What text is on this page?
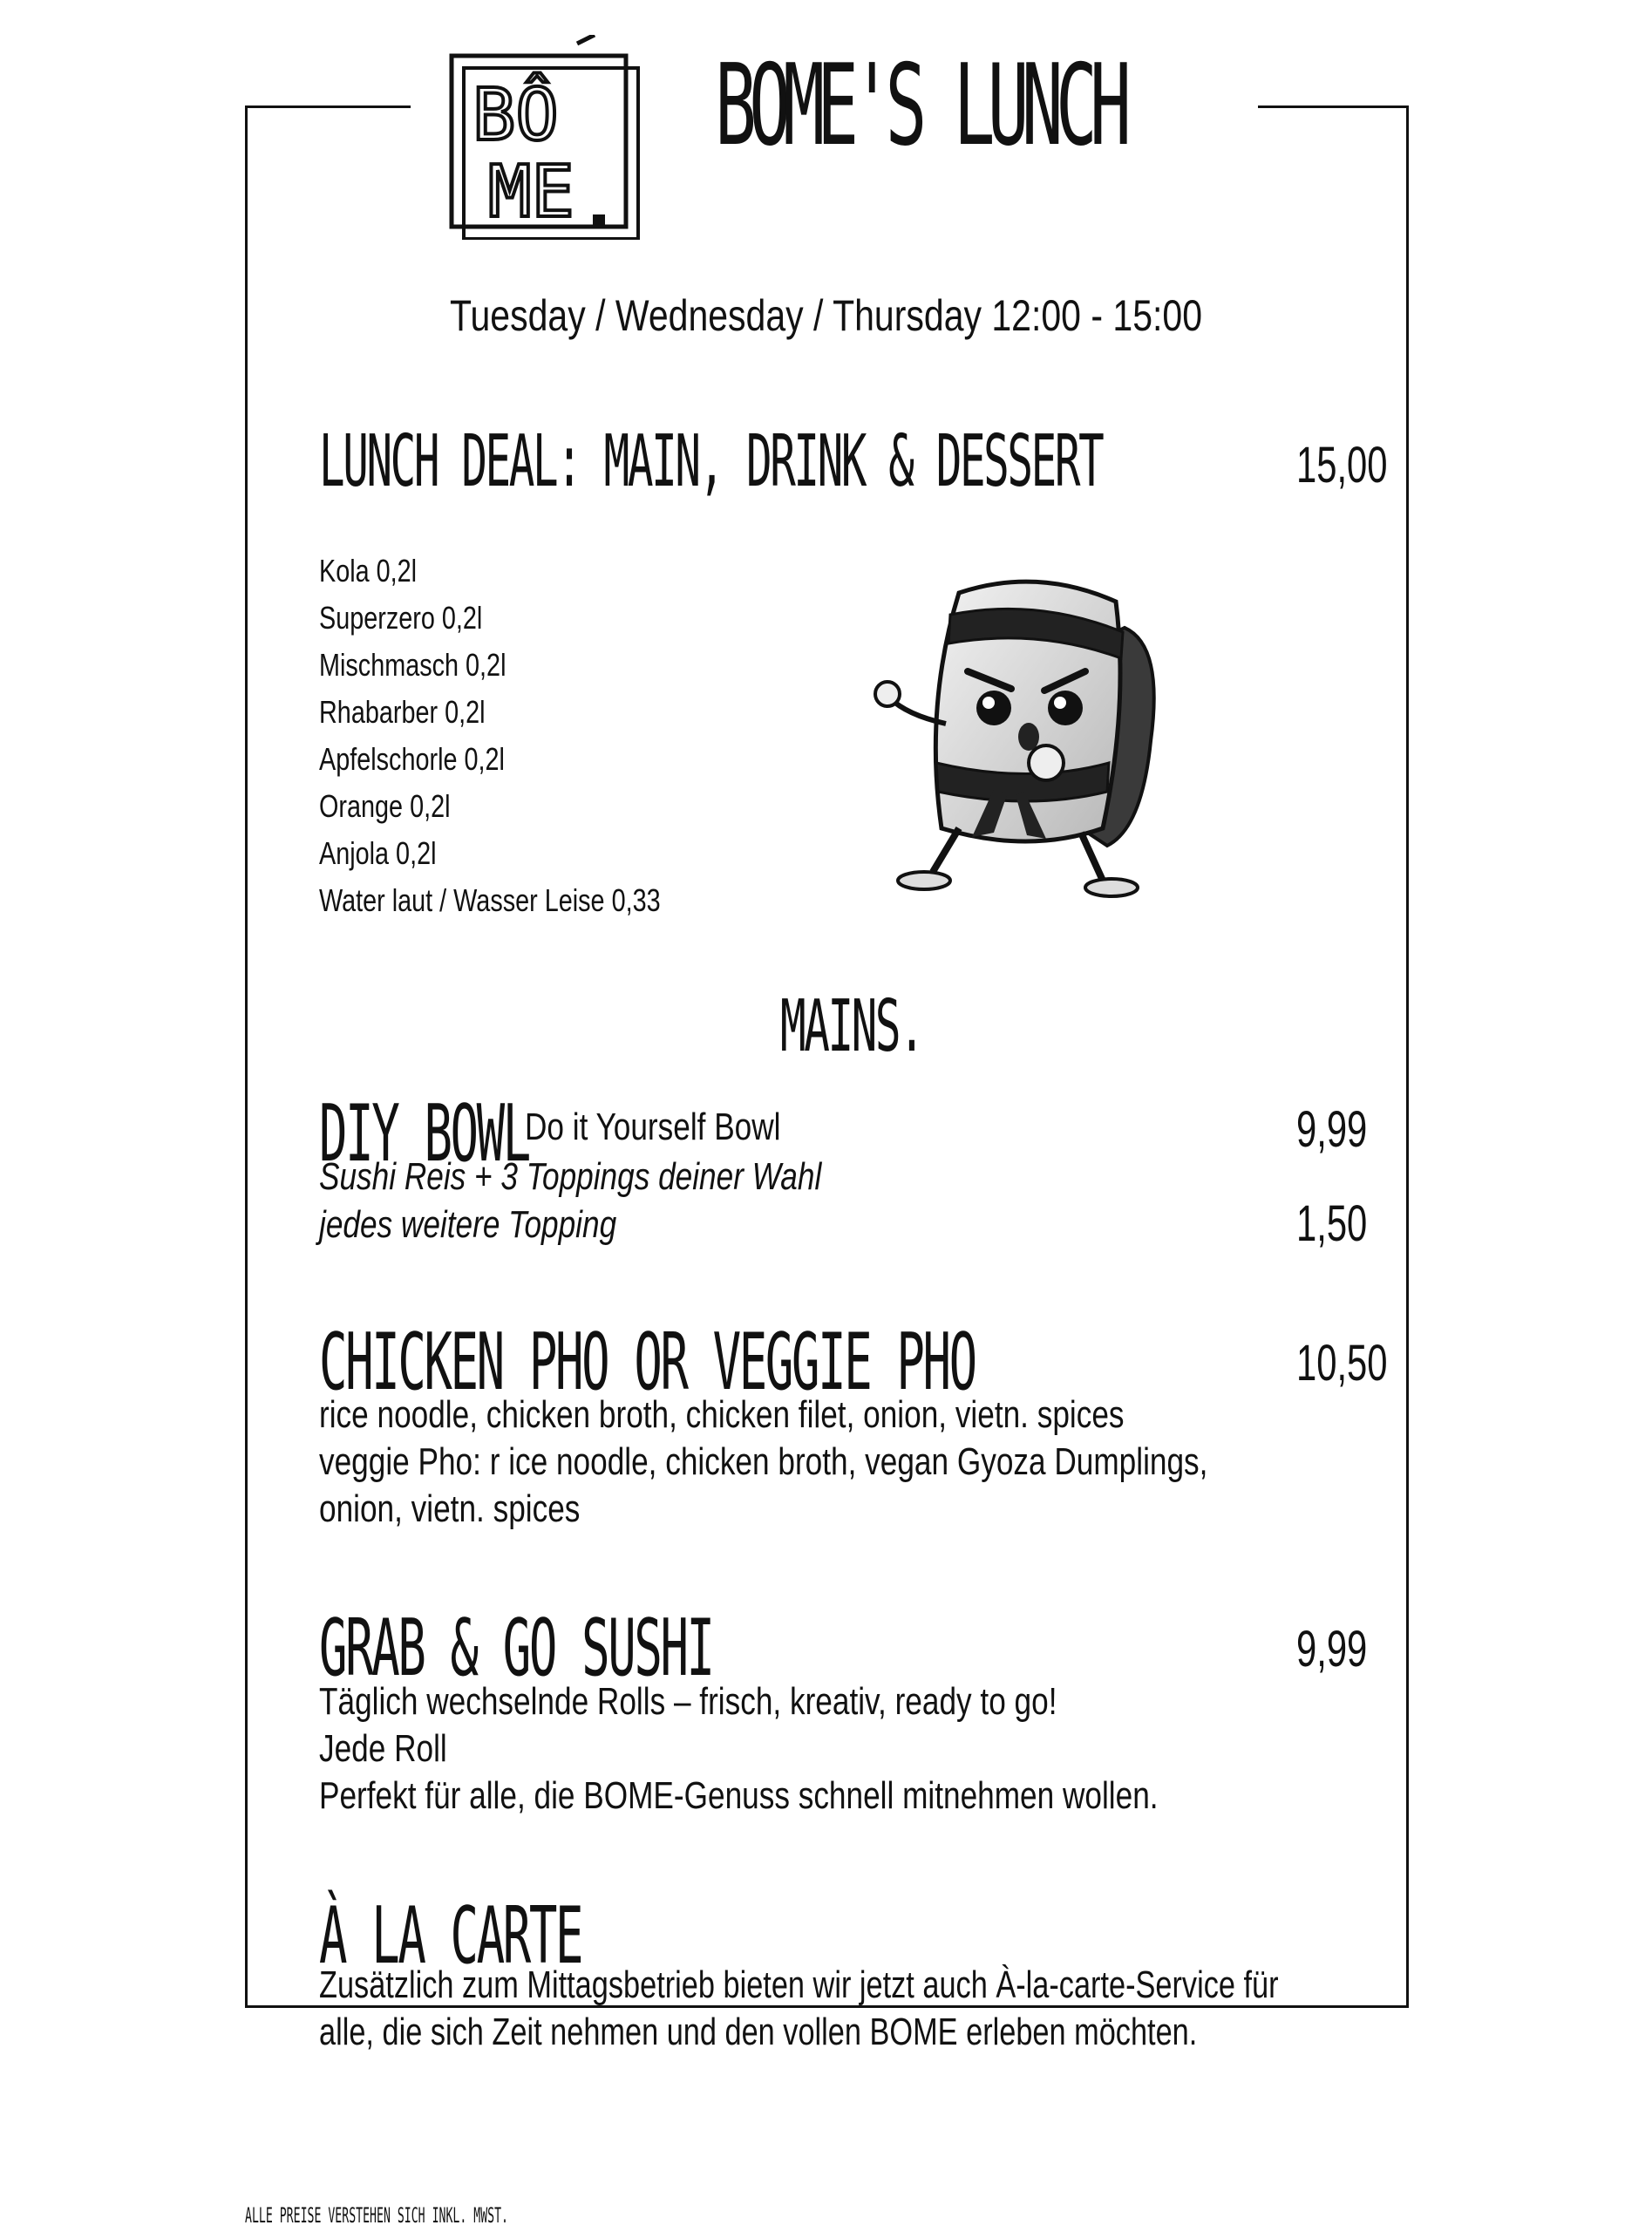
BÔ
ME
BOME'S LUNCH
Tuesday / Wednesday / Thursday 12:00 - 15:00
LUNCH DEAL: MAIN, DRINK & DESSERT	15,00
Kola 0,2l
Superzero 0,2l
Mischmasch 0,2l
Rhabarber 0,2l
Apfelschorle 0,2l
Orange 0,2l
Anjola 0,2l
Water laut / Wasser Leise 0,33
MAINS.
DIY BOWL
Do it Yourself Bowl	9,99
Sushi Reis + 3 Toppings deiner Wahl
jedes weitere Topping	1,50
CHICKEN PHO OR VEGGIE PHO	10,50
rice noodle, chicken broth, chicken filet, onion, vietn. spices
veggie Pho: r ice noodle, chicken broth, vegan Gyoza Dumplings,
onion, vietn. spices
GRAB & GO SUSHI	9,99
Täglich wechselnde Rolls – frisch, kreativ, ready to go!
Jede Roll
Perfekt für alle, die BOME-Genuss schnell mitnehmen wollen.
À LA CARTE
Zusätzlich zum Mittagsbetrieb bieten wir jetzt auch À-la-carte-Service für
alle, die sich Zeit nehmen und den vollen BOME erleben möchten.
ALLE PREISE VERSTEHEN SICH INKL. MWST.
